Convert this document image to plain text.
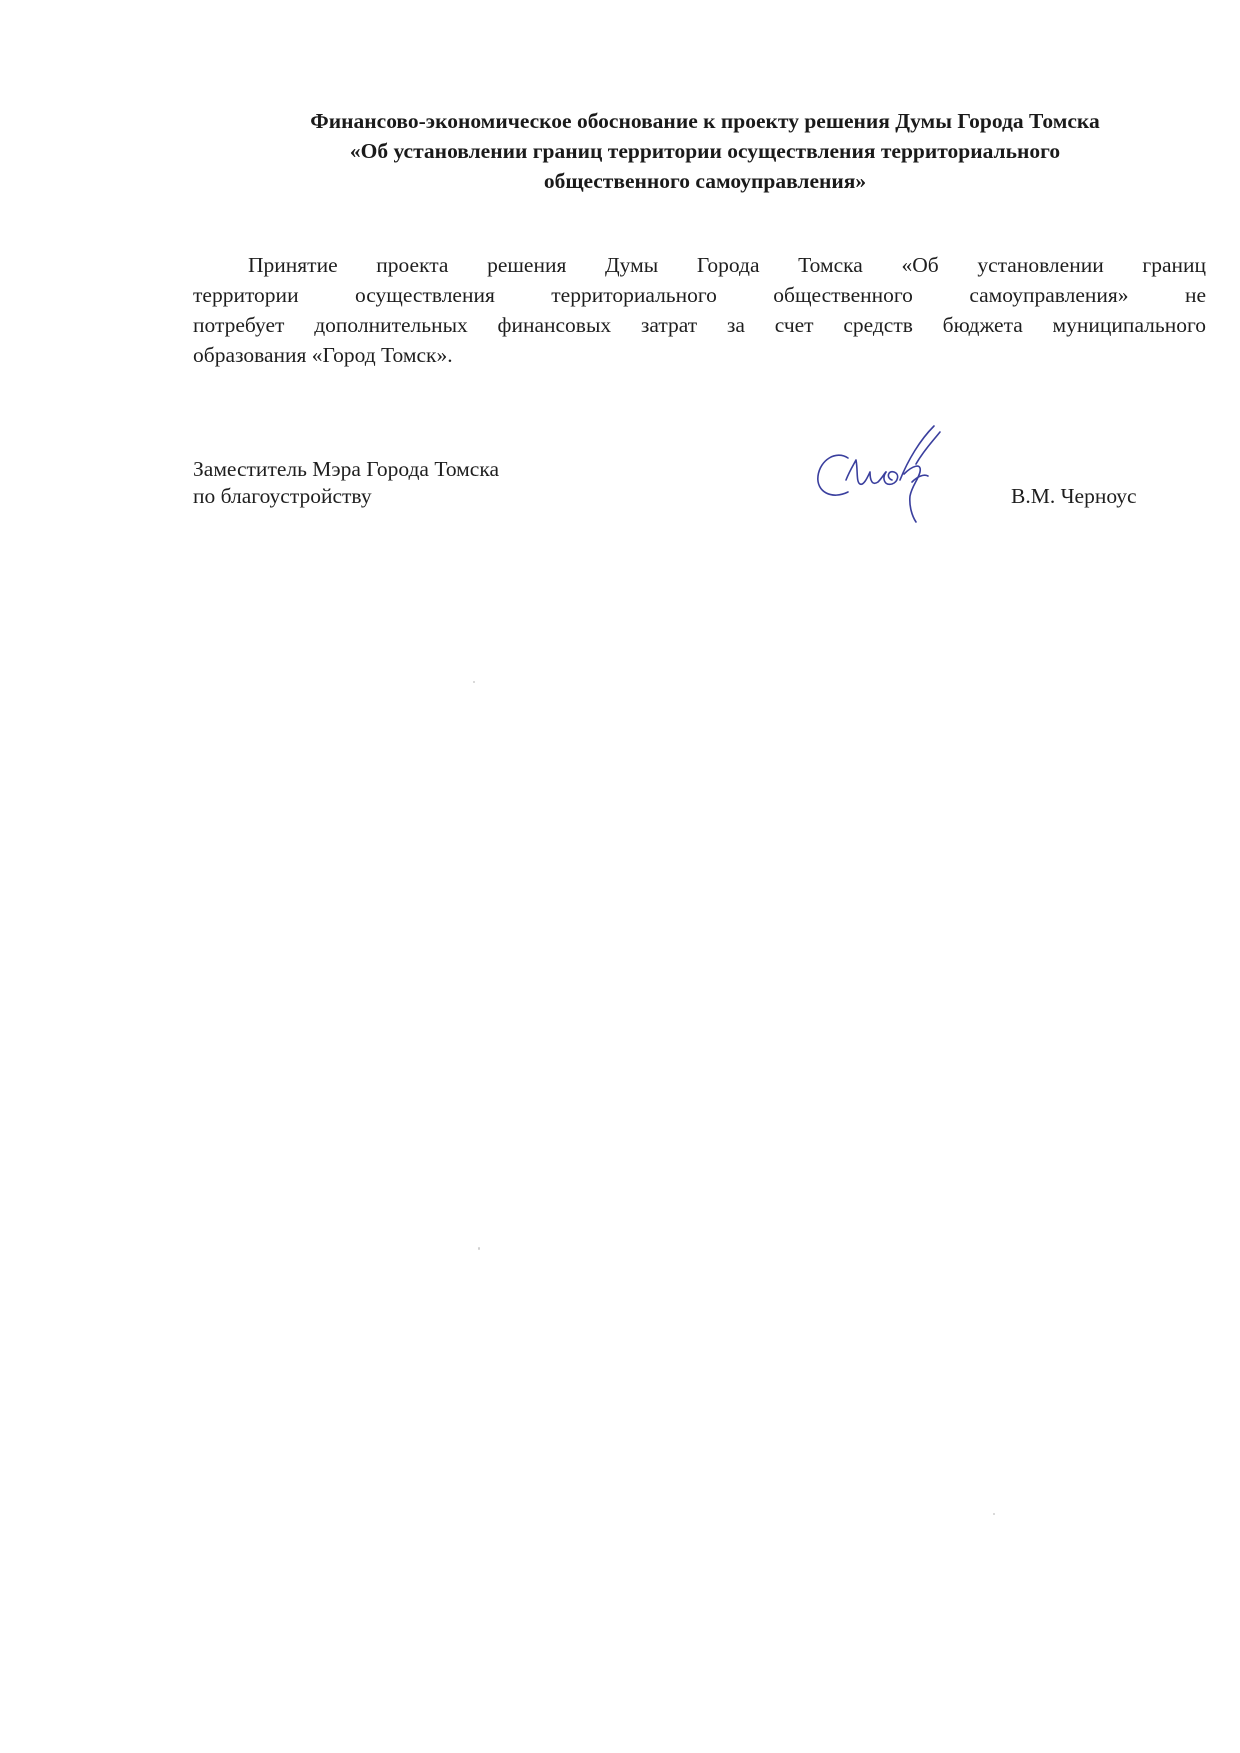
Финансово-экономическое обоснование к проекту решения Думы Города Томска
«Об установлении границ территории осуществления территориального
общественного самоуправления»
Принятие проекта решения Думы Города Томска «Об установлении границ
территории осуществления территориального общественного самоуправления» не
потребует дополнительных финансовых затрат за счет средств бюджета муниципального
образования «Город Томск».
Заместитель Мэра Города Томска
по благоустройству	В.М. Черноус
